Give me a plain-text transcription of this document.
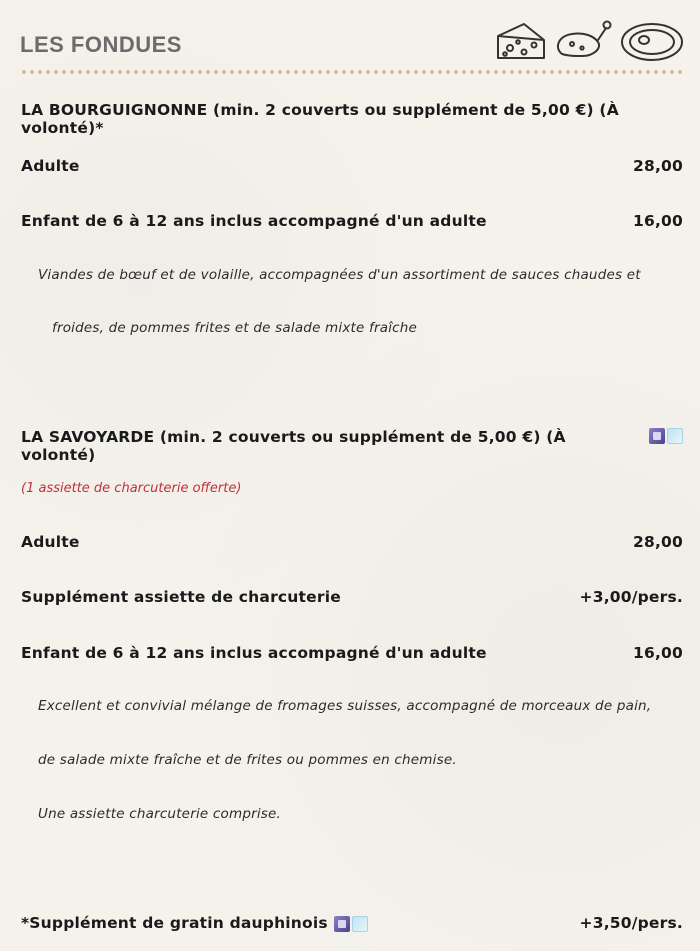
LES FONDUES
LA BOURGUIGNONNE (min. 2 couverts ou supplément de 5,00 €) (À volonté)*
Adulte	28,00
Enfant de 6 à 12 ans inclus accompagné d'un adulte	16,00
Viandes de bœuf et de volaille, accompagnées d'un assortiment de sauces chaudes et
froides, de pommes frites et de salade mixte fraîche
LA SAVOYARDE (min. 2 couverts ou supplément de 5,00 €) (À volonté)
(1 assiette de charcuterie offerte)
Adulte	28,00
Supplément assiette de charcuterie	+3,00/pers.
Enfant de 6 à 12 ans inclus accompagné d'un adulte	16,00
Excellent et convivial mélange de fromages suisses, accompagné de morceaux de pain,
de salade mixte fraîche et de frites ou pommes en chemise.
Une assiette charcuterie comprise.
*Supplément de gratin dauphinois	+3,50/pers.
